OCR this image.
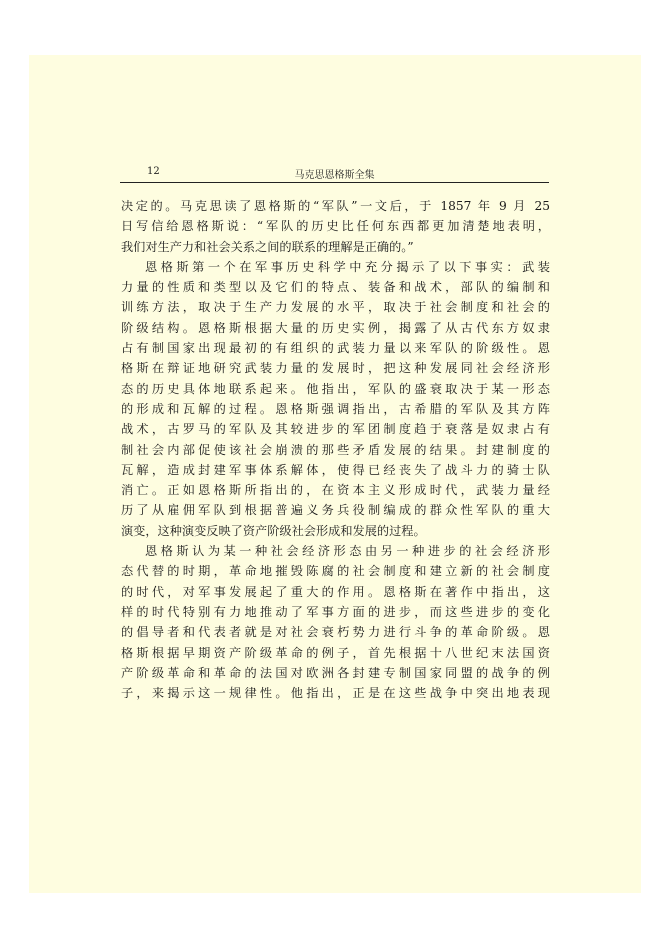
12	马克思恩格斯全集

决定的。马克思读了恩格斯的“军队”一文后，于 1857 年 9 月 25
日写信给恩格斯说：“军队的历史比任何东西都更加清楚地表明，
我们对生产力和社会关系之间的联系的理解是正确的。”

恩格斯第一个在军事历史科学中充分揭示了以下事实：武装
力量的性质和类型以及它们的特点、装备和战术，部队的编制和
训练方法，取决于生产力发展的水平，取决于社会制度和社会的
阶级结构。恩格斯根据大量的历史实例，揭露了从古代东方奴隶
占有制国家出现最初的有组织的武装力量以来军队的阶级性。恩
格斯在辩证地研究武装力量的发展时，把这种发展同社会经济形
态的历史具体地联系起来。他指出，军队的盛衰取决于某一形态
的形成和瓦解的过程。恩格斯强调指出，古希腊的军队及其方阵
战术，古罗马的军队及其较进步的军团制度趋于衰落是奴隶占有
制社会内部促使该社会崩溃的那些矛盾发展的结果。封建制度的
瓦解，造成封建军事体系解体，使得已经丧失了战斗力的骑士队
消亡。正如恩格斯所指出的，在资本主义形成时代，武装力量经
历了从雇佣军队到根据普遍义务兵役制编成的群众性军队的重大
演变，这种演变反映了资产阶级社会形成和发展的过程。

恩格斯认为某一种社会经济形态由另一种进步的社会经济形
态代替的时期，革命地摧毁陈腐的社会制度和建立新的社会制度
的时代，对军事发展起了重大的作用。恩格斯在著作中指出，这
样的时代特别有力地推动了军事方面的进步，而这些进步的变化
的倡导者和代表者就是对社会衰朽势力进行斗争的革命阶级。恩
格斯根据早期资产阶级革命的例子，首先根据十八世纪末法国资
产阶级革命和革命的法国对欧洲各封建专制国家同盟的战争的例
子，来揭示这一规律性。他指出，正是在这些战争中突出地表现
